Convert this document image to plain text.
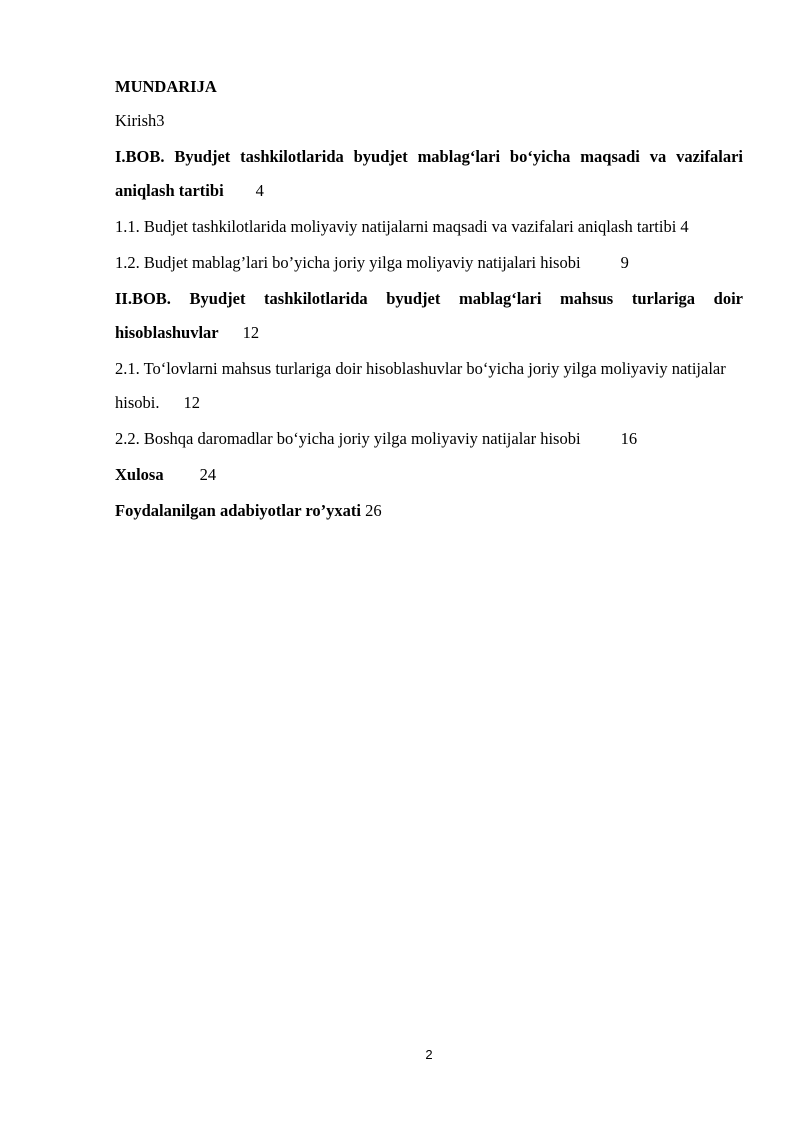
MUNDARIJA

Kirish3

I.BOB. Byudjet tashkilotlarida byudjet mablag‘lari bo‘yicha maqsadi va vazifalari aniqlash tartibi 4

1.1. Budjet tashkilotlarida moliyaviy natijalarni maqsadi va vazifalari aniqlash tartibi 4

1.2. Budjet mablag’lari bo’yicha joriy yilga moliyaviy natijalari hisobi 9

II.BOB. Byudjet tashkilotlarida byudjet mablag‘lari mahsus turlariga doir hisoblashuvlar 12

2.1. To‘lovlarni mahsus turlariga doir hisoblashuvlar bo‘yicha joriy yilga moliyaviy natijalar hisobi. 12

2.2. Boshqa daromadlar bo‘yicha joriy yilga moliyaviy natijalar hisobi 16

Xulosa 24

Foydalanilgan adabiyotlar ro’yxati 26

2
